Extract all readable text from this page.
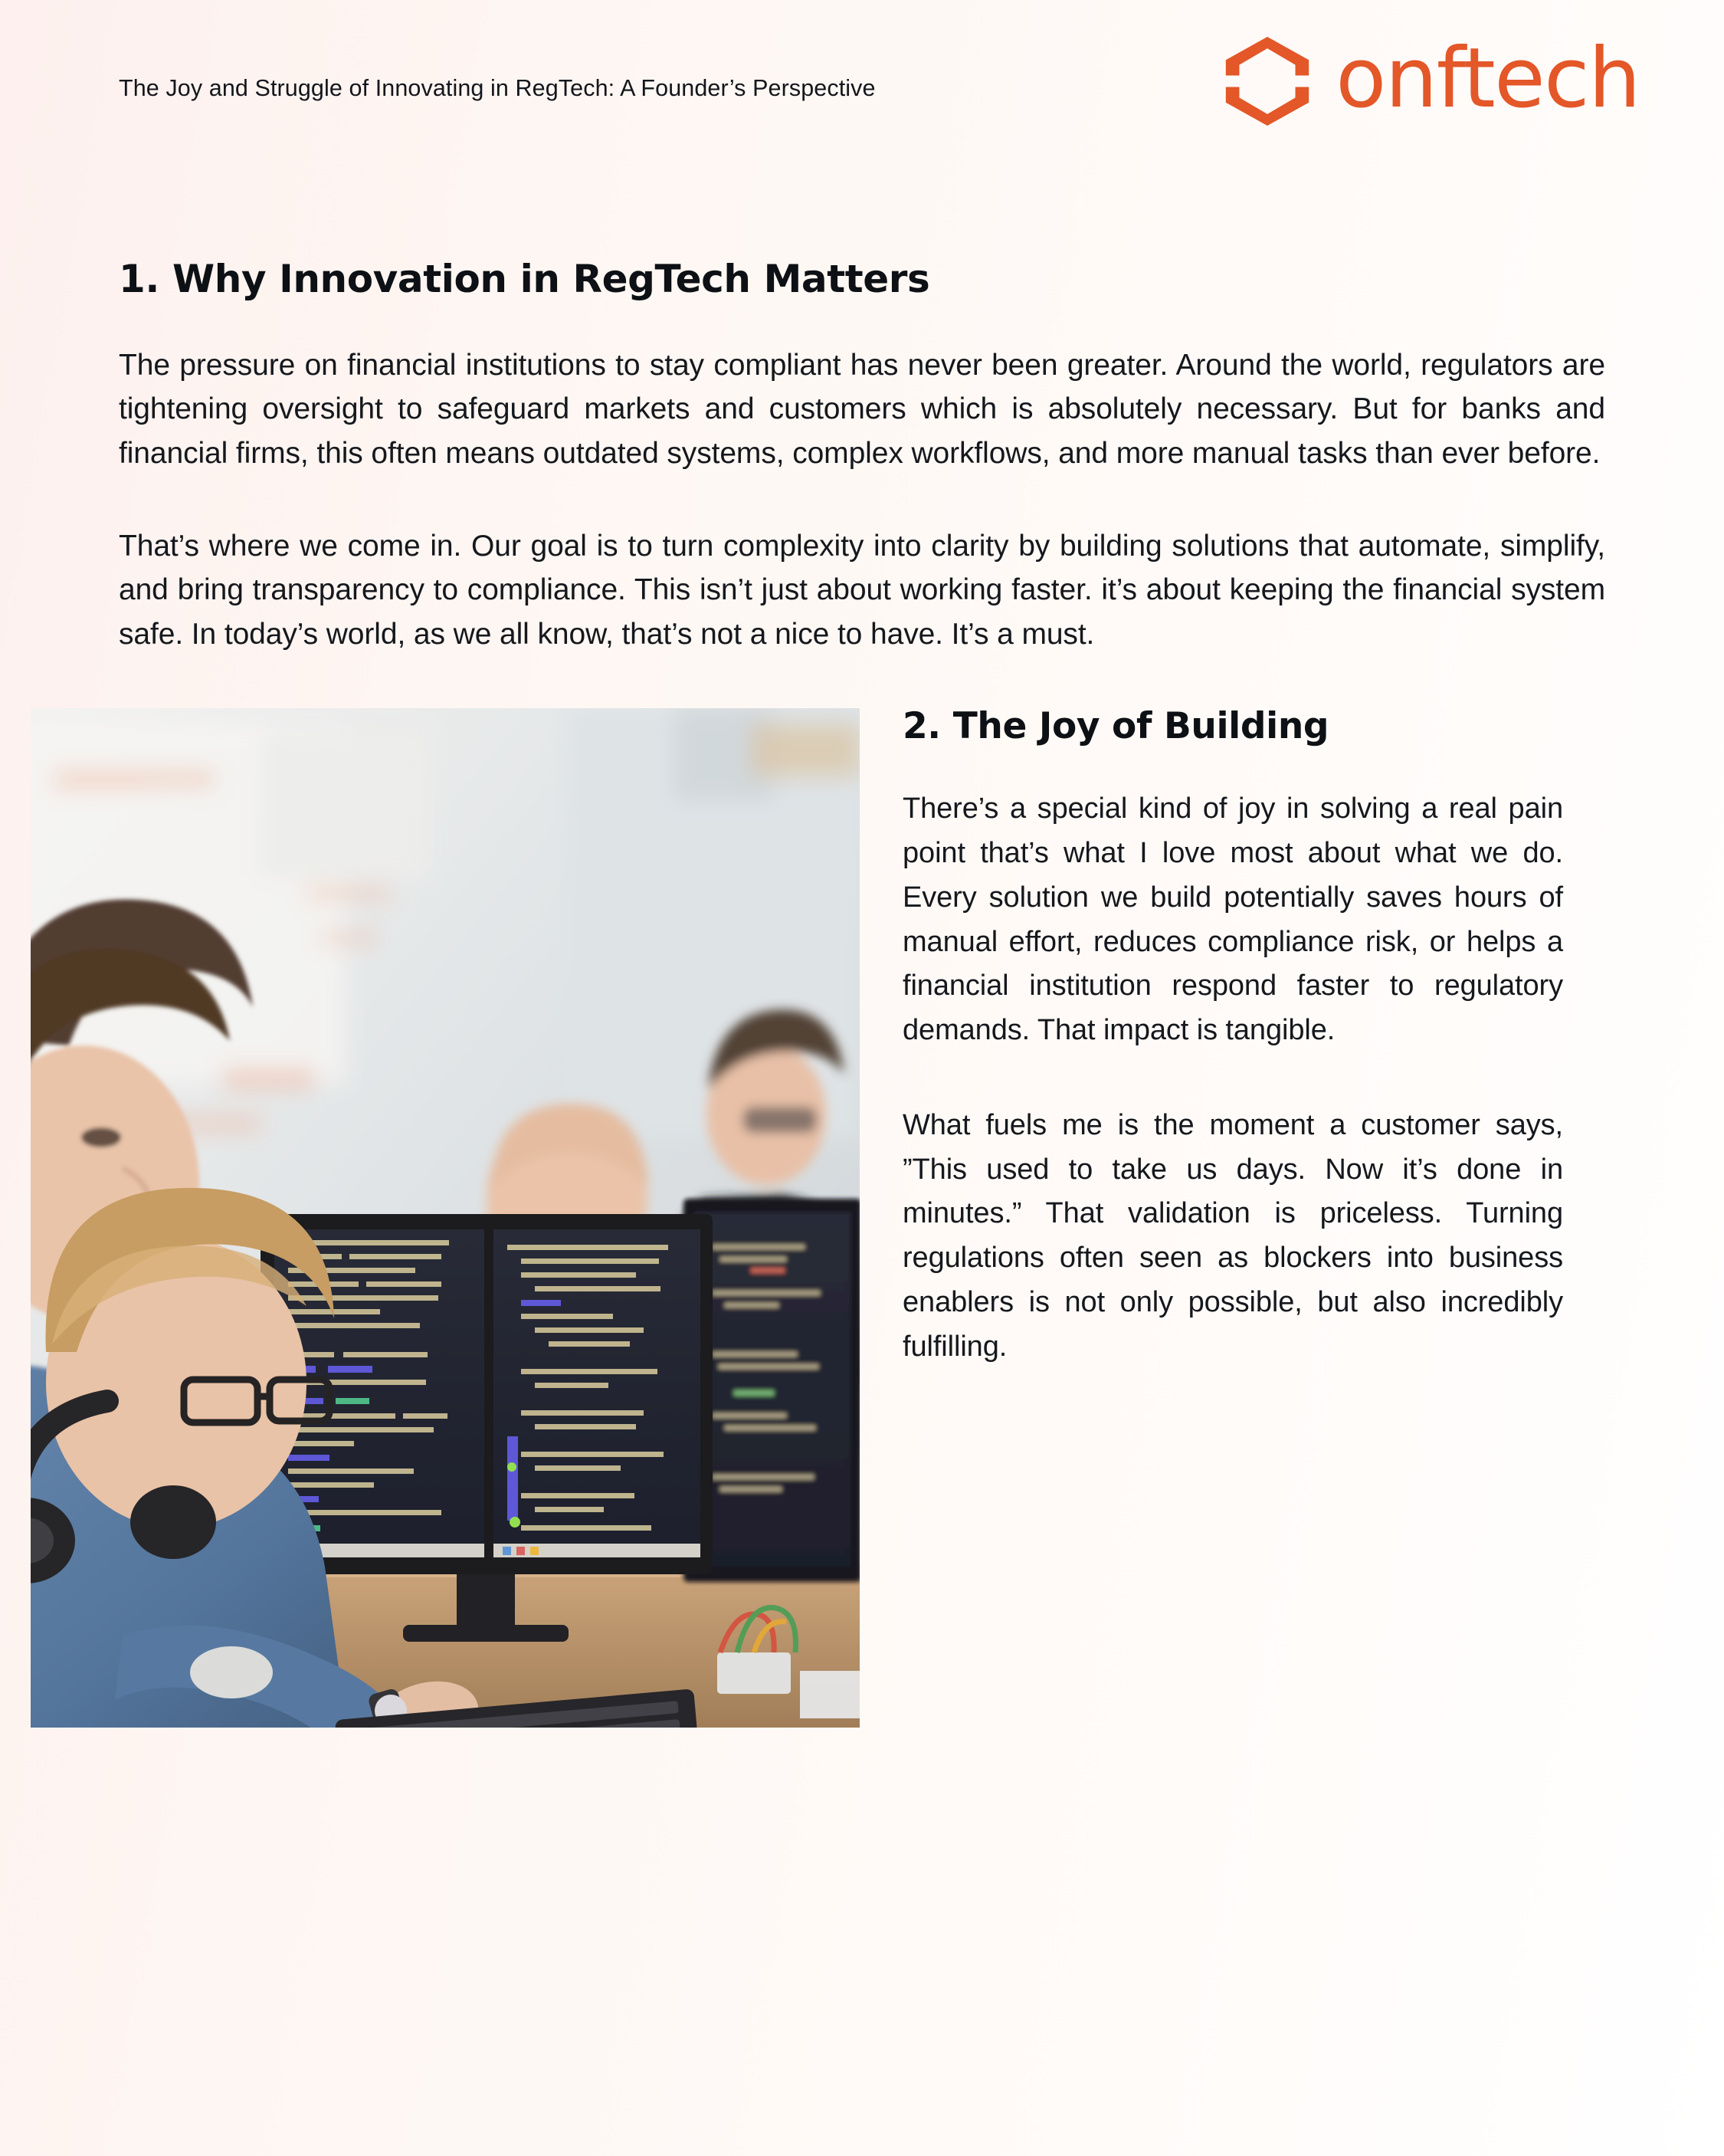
The Joy and Struggle of Innovating in RegTech: A Founder’s Perspective	onftech
1. Why Innovation in RegTech Matters

The pressure on financial institutions to stay compliant has never been greater. Around the world, regulators are tightening oversight to safeguard markets and customers which is absolutely necessary. But for banks and financial firms, this often means outdated systems, complex workflows, and more manual tasks than ever before.

That’s where we come in. Our goal is to turn complexity into clarity by building solutions that automate, simplify, and bring transparency to compliance. This isn’t just about working faster. it’s about keeping the financial system safe. In today’s world, as we all know, that’s not a nice to have. It’s a must.

2. The Joy of Building

There’s a special kind of joy in solving a real pain point that’s what I love most about what we do. Every solution we build potentially saves hours of manual effort, reduces compliance risk, or helps a financial institution respond faster to regulatory demands. That impact is tangible.

What fuels me is the moment a customer says, ”This used to take us days. Now it’s done in minutes.” That validation is priceless. Turning regulations often seen as blockers into business enablers is not only possible, but also incredibly fulfilling.
